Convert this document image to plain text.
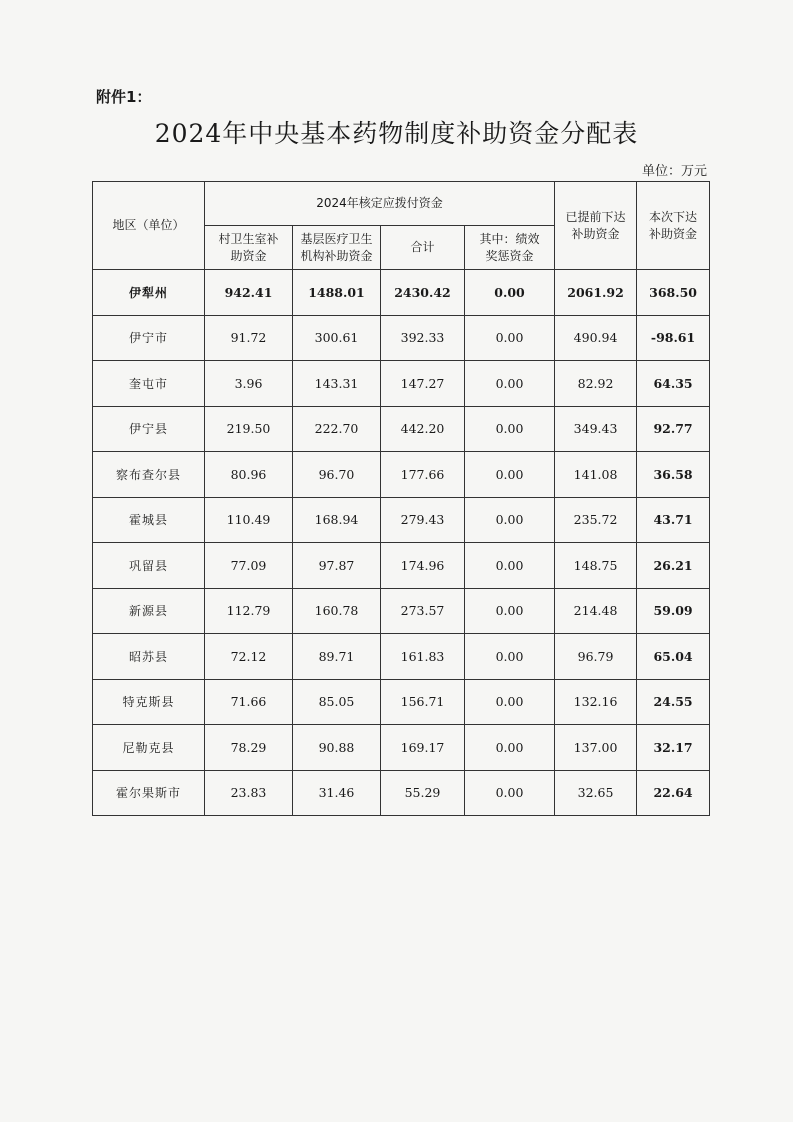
附件1：
2024年中央基本药物制度补助资金分配表
单位：万元
地区（单位）	2024年核定应拨付资金				已提前下达补助资金	本次下达补助资金

	村卫生室补助资金	基层医疗卫生机构补助资金	合计	其中：绩效奖惩资金		

伊犁州	942.41	1488.01	2430.42	0.00	2061.92	368.50
伊宁市	91.72	300.61	392.33	0.00	490.94	-98.61
奎屯市	3.96	143.31	147.27	0.00	82.92	64.35
伊宁县	219.50	222.70	442.20	0.00	349.43	92.77
察布查尔县	80.96	96.70	177.66	0.00	141.08	36.58
霍城县	110.49	168.94	279.43	0.00	235.72	43.71
巩留县	77.09	97.87	174.96	0.00	148.75	26.21
新源县	112.79	160.78	273.57	0.00	214.48	59.09
昭苏县	72.12	89.71	161.83	0.00	96.79	65.04
特克斯县	71.66	85.05	156.71	0.00	132.16	24.55
尼勒克县	78.29	90.88	169.17	0.00	137.00	32.17
霍尔果斯市	23.83	31.46	55.29	0.00	32.65	22.64
